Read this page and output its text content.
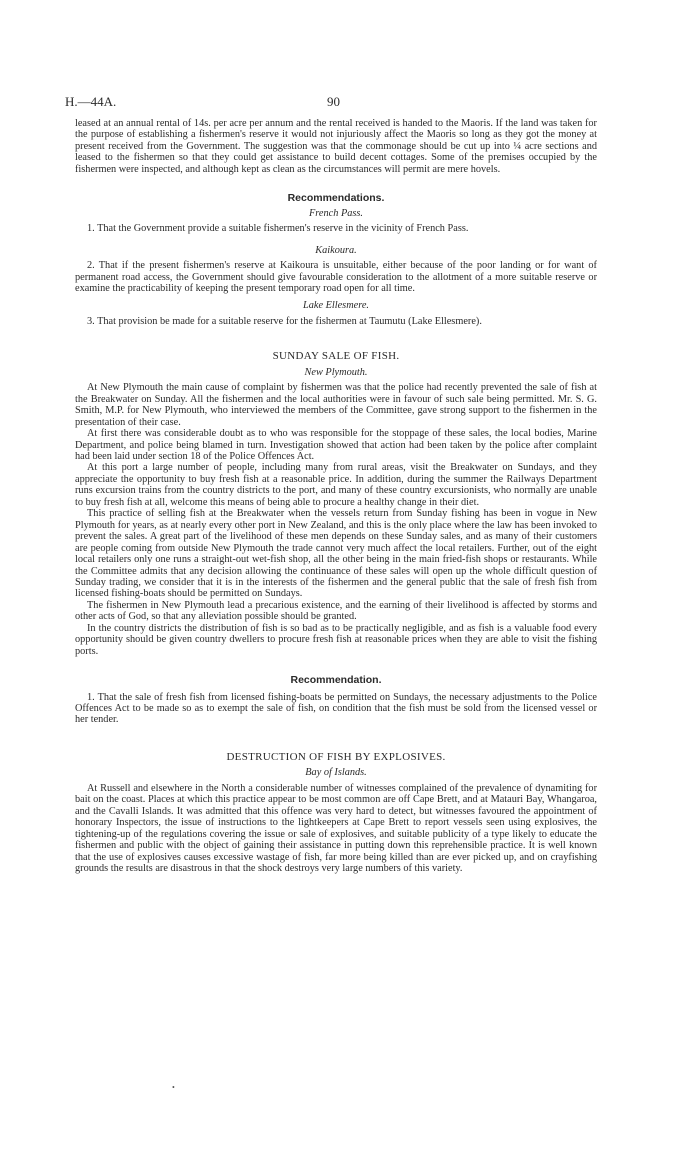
H.—44A.	90

leased at an annual rental of 14s. per acre per annum and the rental received is handed to the Maoris. If the land was taken for the purpose of establishing a fishermen's reserve it would not injuriously affect the Maoris so long as they got the money at present received from the Government. The suggestion was that the commonage should be cut up into ¼ acre sections and leased to the fishermen so that they could get assistance to build decent cottages. Some of the premises occupied by the fishermen were inspected, and although kept as clean as the circumstances will permit are mere hovels.

Recommendations.

French Pass.

1. That the Government provide a suitable fishermen's reserve in the vicinity of French Pass.

Kaikoura.

2. That if the present fishermen's reserve at Kaikoura is unsuitable, either because of the poor landing or for want of permanent road access, the Government should give favourable consideration to the allotment of a more suitable reserve or examine the practicability of keeping the present temporary road open for all time.

Lake Ellesmere.

3. That provision be made for a suitable reserve for the fishermen at Taumutu (Lake Ellesmere).

SUNDAY SALE OF FISH.

New Plymouth.

At New Plymouth the main cause of complaint by fishermen was that the police had recently prevented the sale of fish at the Breakwater on Sunday. All the fishermen and the local authorities were in favour of such sale being permitted. Mr. S. G. Smith, M.P. for New Plymouth, who interviewed the members of the Committee, gave strong support to the fishermen in the presentation of their case.

At first there was considerable doubt as to who was responsible for the stoppage of these sales, the local bodies, Marine Department, and police being blamed in turn. Investigation showed that action had been taken by the police after complaint had been laid under section 18 of the Police Offences Act.

At this port a large number of people, including many from rural areas, visit the Breakwater on Sundays, and they appreciate the opportunity to buy fresh fish at a reasonable price. In addition, during the summer the Railways Department runs excursion trains from the country districts to the port, and many of these country excursionists, who normally are unable to buy fresh fish at all, welcome this means of being able to procure a healthy change in their diet.

This practice of selling fish at the Breakwater when the vessels return from Sunday fishing has been in vogue in New Plymouth for years, as at nearly every other port in New Zealand, and this is the only place where the law has been invoked to prevent the sales. A great part of the livelihood of these men depends on these Sunday sales, and as many of their customers are people coming from outside New Plymouth the trade cannot very much affect the local retailers. Further, out of the eight local retailers only one runs a straight-out wet-fish shop, all the other being in the main fried-fish shops or restaurants. While the Committee admits that any decision allowing the continuance of these sales will open up the whole difficult question of Sunday trading, we consider that it is in the interests of the fishermen and the general public that the sale of fresh fish from licensed fishing-boats should be permitted on Sundays.

The fishermen in New Plymouth lead a precarious existence, and the earning of their livelihood is affected by storms and other acts of God, so that any alleviation possible should be granted.

In the country districts the distribution of fish is so bad as to be practically negligible, and as fish is a valuable food every opportunity should be given country dwellers to procure fresh fish at reasonable prices when they are able to visit the fishing ports.

Recommendation.

1. That the sale of fresh fish from licensed fishing-boats be permitted on Sundays, the necessary adjustments to the Police Offences Act to be made so as to exempt the sale of fish, on condition that the fish must be sold from the licensed vessel or her tender.

DESTRUCTION OF FISH BY EXPLOSIVES.

Bay of Islands.

At Russell and elsewhere in the North a considerable number of witnesses complained of the prevalence of dynamiting for bait on the coast. Places at which this practice appear to be most common are off Cape Brett, and at Matauri Bay, Whangaroa, and the Cavalli Islands. It was admitted that this offence was very hard to detect, but witnesses favoured the appointment of honorary Inspectors, the issue of instructions to the lightkeepers at Cape Brett to report vessels seen using explosives, the tightening-up of the regulations covering the issue or sale of explosives, and suitable publicity of a type likely to educate the fishermen and public with the object of gaining their assistance in putting down this reprehensible practice. It is well known that the use of explosives causes excessive wastage of fish, far more being killed than are ever picked up, and on crayfishing grounds the results are disastrous in that the shock destroys very large numbers of this variety.

•
